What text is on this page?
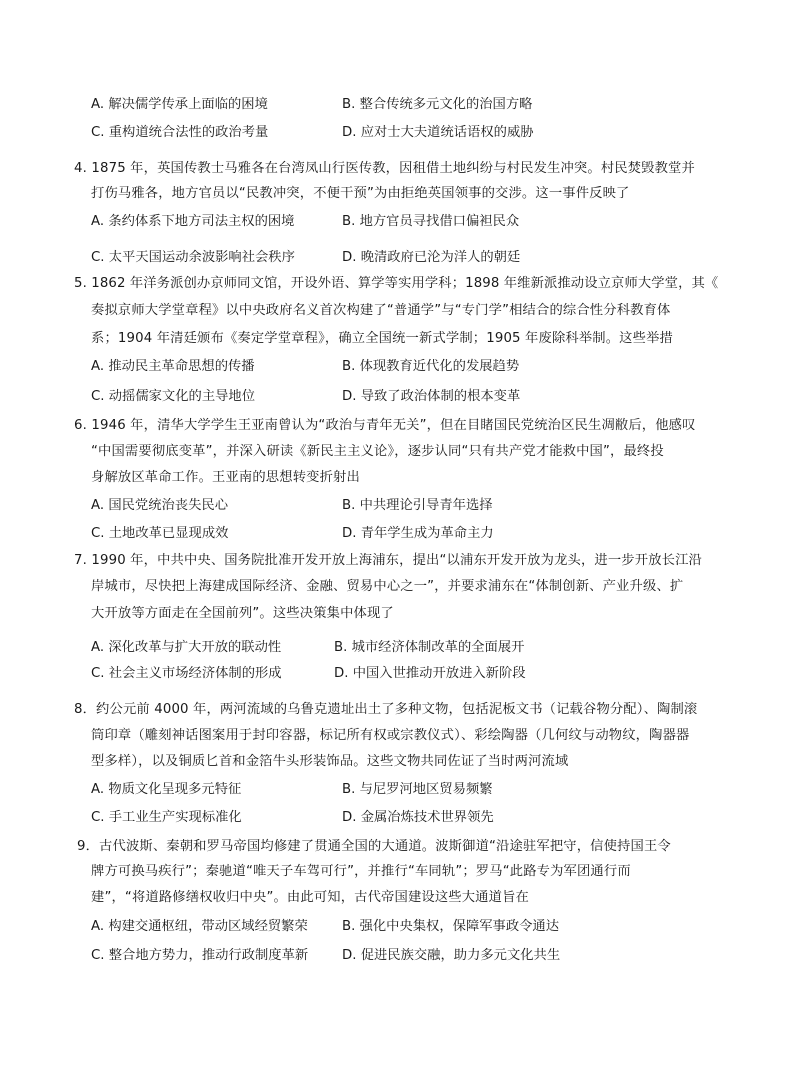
A. 解决儒学传承上面临的困境	B. 整合传统多元文化的治国方略
C. 重构道统合法性的政治考量	D. 应对士大夫道统话语权的威胁
4. 1875 年，英国传教士马雅各在台湾凤山行医传教，因租借土地纠纷与村民发生冲突。村民焚毁教堂并
打伤马雅各，地方官员以“民教冲突，不便干预”为由拒绝英国领事的交涉。这一事件反映了
A. 条约体系下地方司法主权的困境	B. 地方官员寻找借口偏袒民众
C. 太平天国运动余波影响社会秩序	D. 晚清政府已沦为洋人的朝廷
5. 1862 年洋务派创办京师同文馆，开设外语、算学等实用学科；1898 年维新派推动设立京师大学堂，其《
奏拟京师大学堂章程》以中央政府名义首次构建了“普通学”与“专门学”相结合的综合性分科教育体
系；1904 年清廷颁布《奏定学堂章程》，确立全国统一新式学制；1905 年废除科举制。这些举措
A. 推动民主革命思想的传播	B. 体现教育近代化的发展趋势
C. 动摇儒家文化的主导地位	D. 导致了政治体制的根本变革
6. 1946 年，清华大学学生王亚南曾认为“政治与青年无关”，但在目睹国民党统治区民生凋敝后，他感叹
“中国需要彻底变革”，并深入研读《新民主主义论》，逐步认同“只有共产党才能救中国”，最终投
身解放区革命工作。王亚南的思想转变折射出
A. 国民党统治丧失民心	B. 中共理论引导青年选择
C. 土地改革已显现成效	D. 青年学生成为革命主力
7. 1990 年，中共中央、国务院批准开发开放上海浦东，提出“以浦东开发开放为龙头，进一步开放长江沿
岸城市，尽快把上海建成国际经济、金融、贸易中心之一”，并要求浦东在“体制创新、产业升级、扩
大开放等方面走在全国前列”。这些决策集中体现了
A. 深化改革与扩大开放的联动性	B. 城市经济体制改革的全面展开
C. 社会主义市场经济体制的形成	D. 中国入世推动开放进入新阶段
8．约公元前 4000 年，两河流域的乌鲁克遗址出土了多种文物，包括泥板文书（记载谷物分配）、陶制滚
筒印章（雕刻神话图案用于封印容器，标记所有权或宗教仪式）、彩绘陶器（几何纹与动物纹，陶器器
型多样），以及铜质匕首和金箔牛头形装饰品。这些文物共同佐证了当时两河流域
A. 物质文化呈现多元特征	B. 与尼罗河地区贸易频繁
C. 手工业生产实现标准化	D. 金属冶炼技术世界领先
9．古代波斯、秦朝和罗马帝国均修建了贯通全国的大通道。波斯御道“沿途驻军把守，信使持国王令
牌方可换马疾行”；秦驰道“唯天子车驾可行”，并推行“车同轨”；罗马“此路专为军团通行而
建”，“将道路修缮权收归中央”。由此可知，古代帝国建设这些大通道旨在
A. 构建交通枢纽，带动区域经贸繁荣	B. 强化中央集权，保障军事政令通达
C. 整合地方势力，推动行政制度革新	D. 促进民族交融，助力多元文化共生
